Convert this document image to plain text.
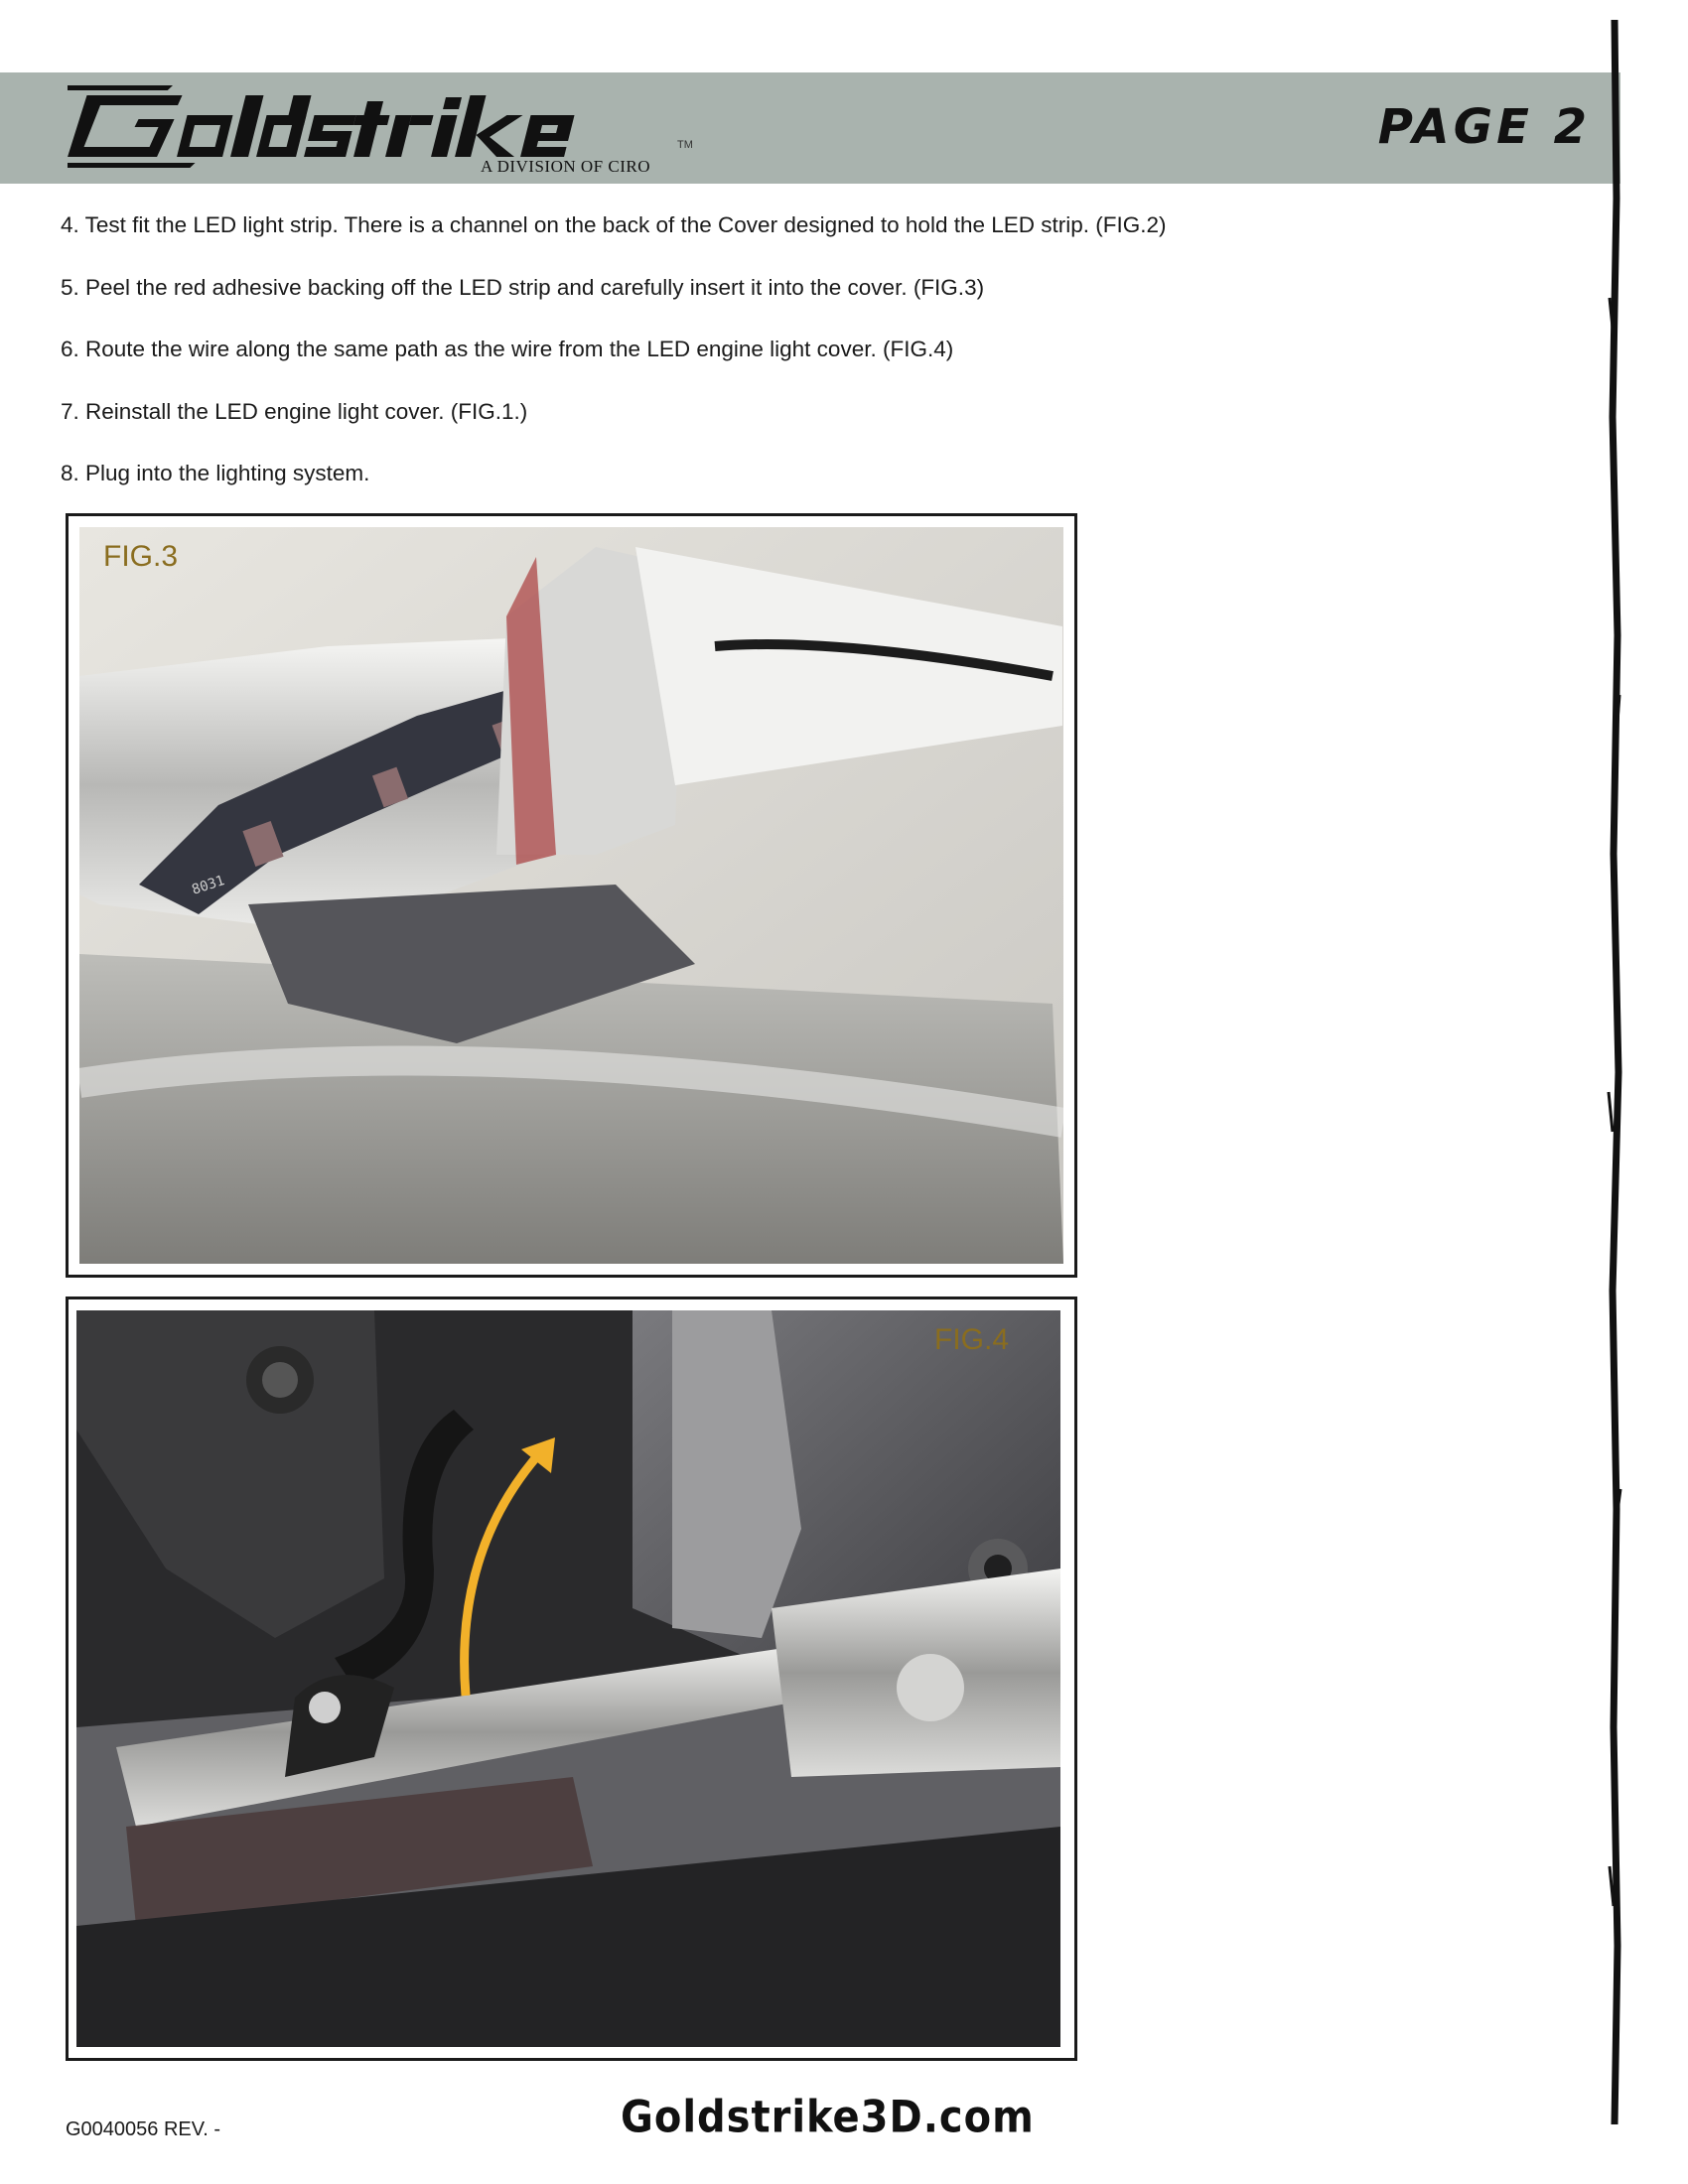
TM
A DIVISION OF CIRO
PAGE 2
4. Test fit the LED light strip. There is a channel on the back of the Cover designed to hold the LED strip. (FIG.2)
5. Peel the red adhesive backing off the LED strip and carefully insert it into the cover. (FIG.3)
6. Route the wire along the same path as the wire from the LED engine light cover. (FIG.4)
7. Reinstall the LED engine light cover. (FIG.1.)
8. Plug into the lighting system.
8031
FIG.3
FIG.4
G0040056 REV. -	Goldstrike3D.com
